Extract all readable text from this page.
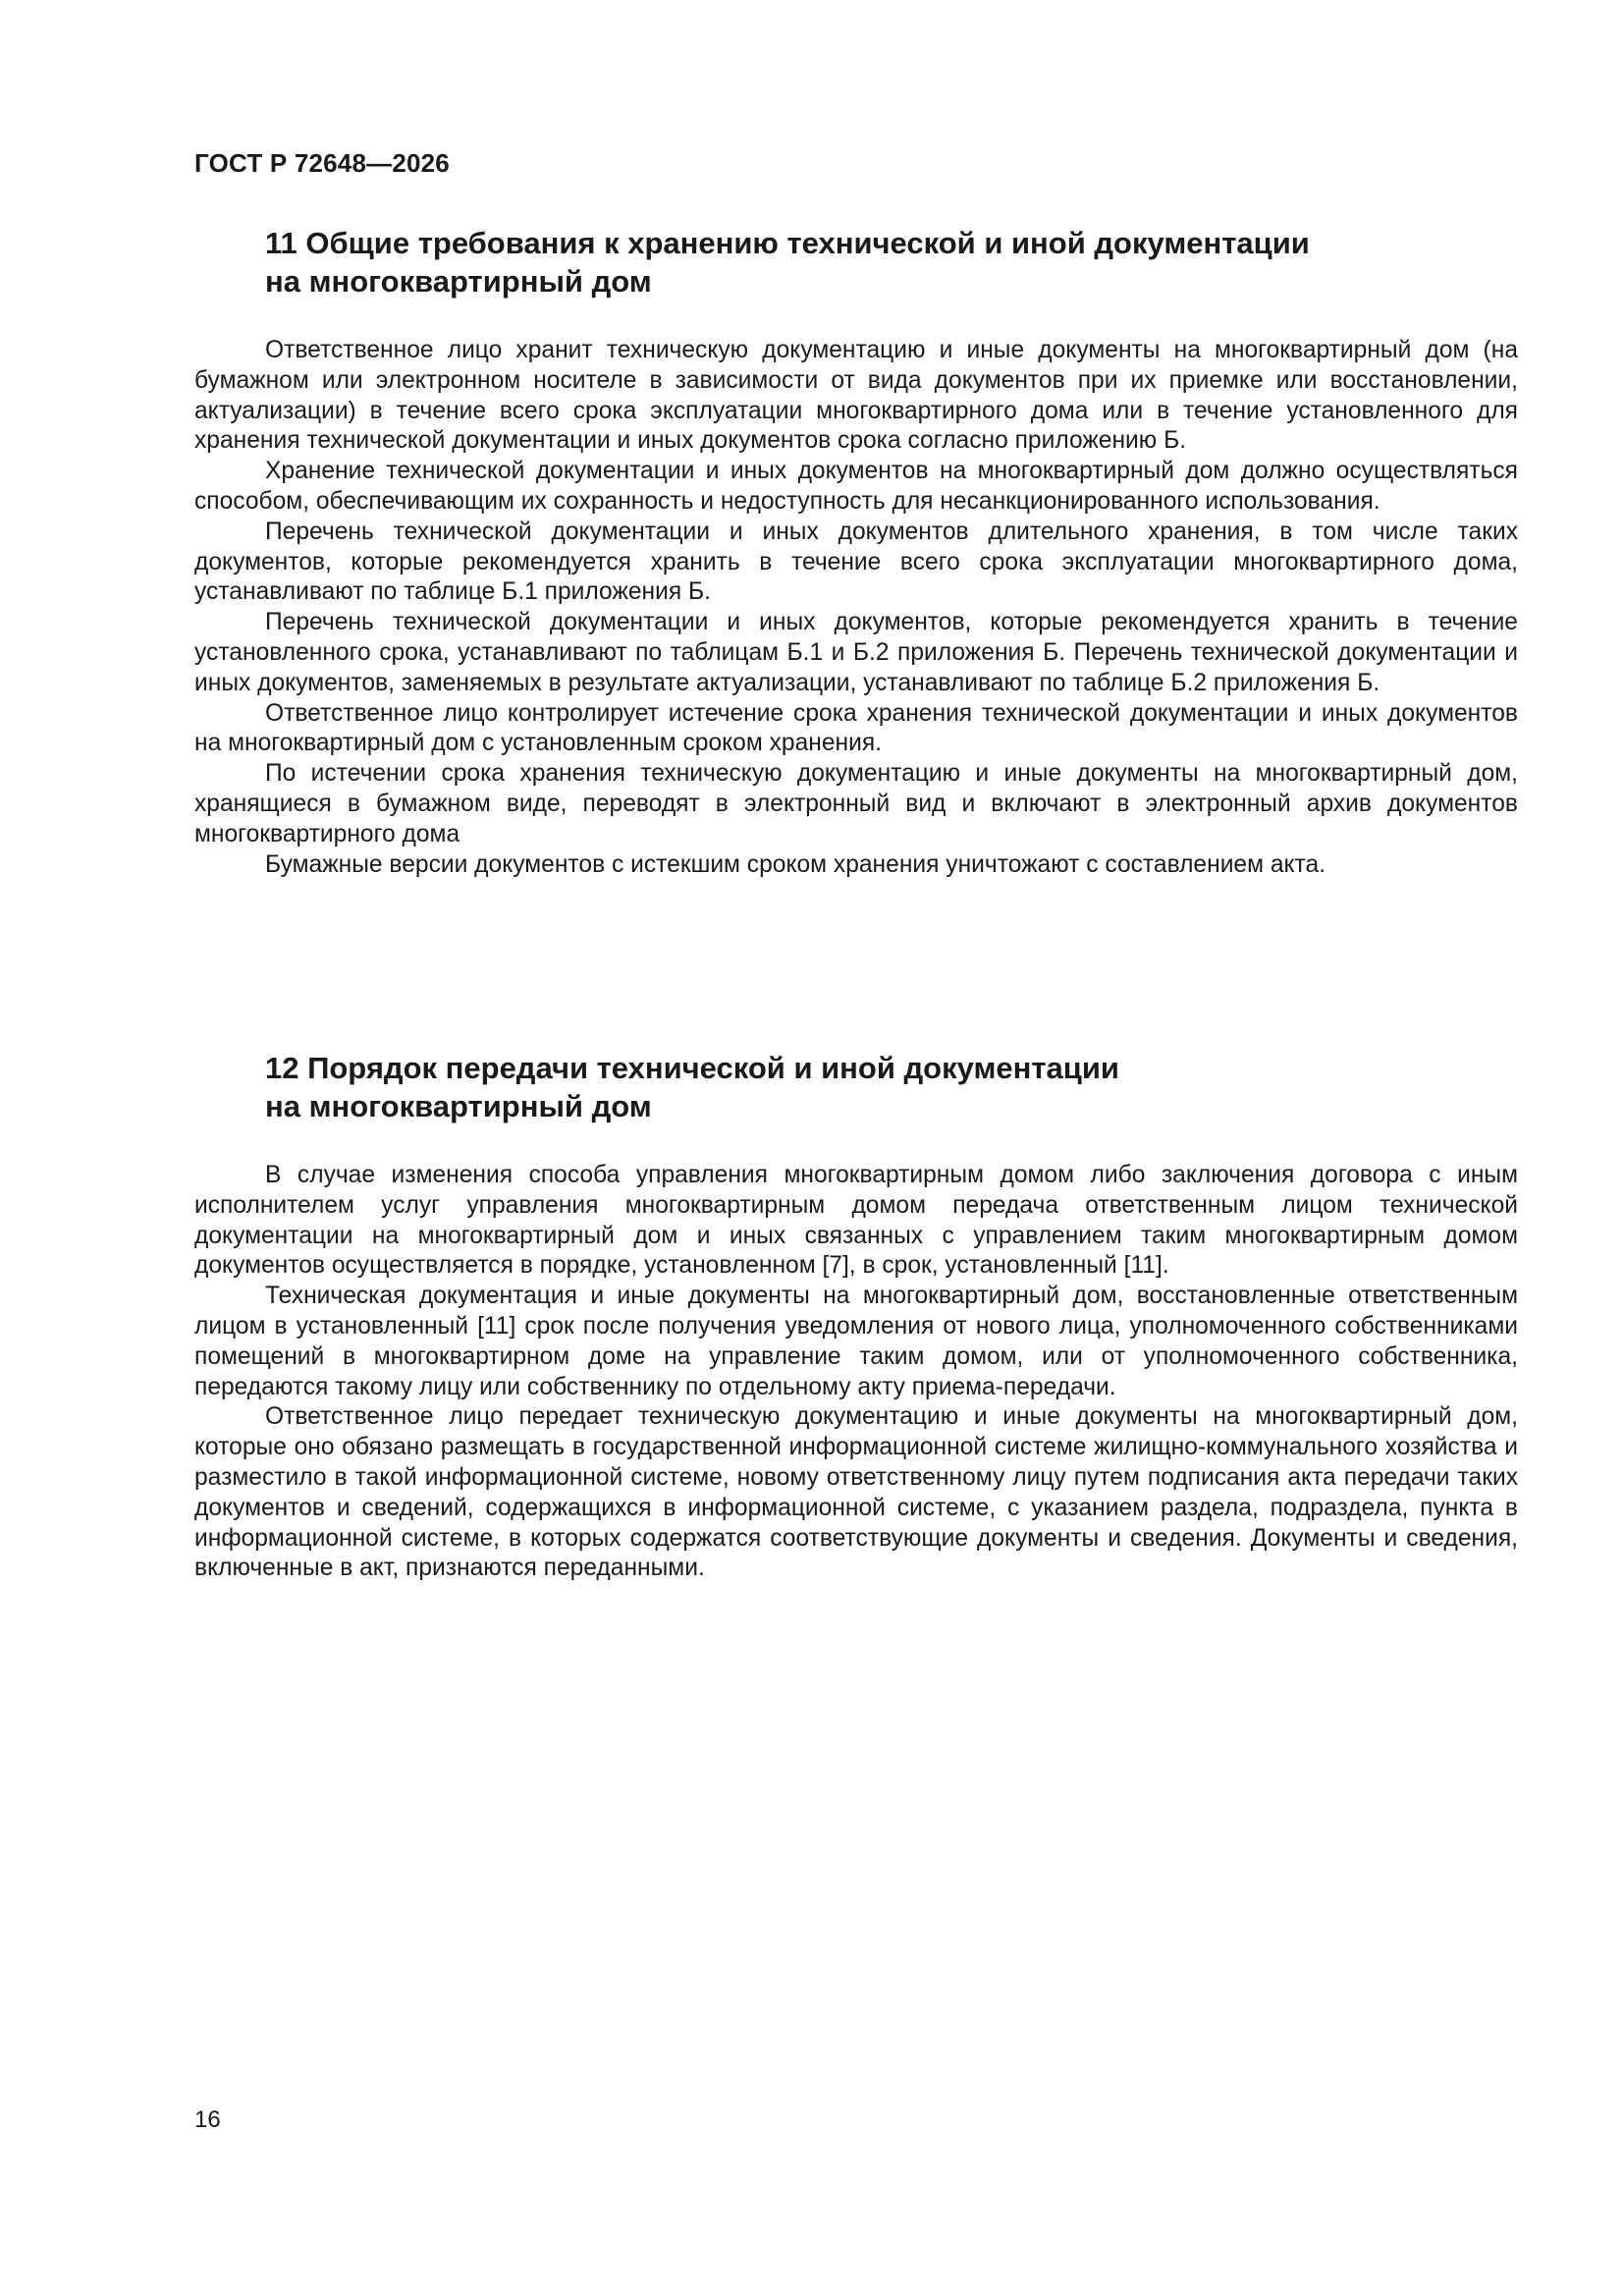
ГОСТ Р 72648—2026
11 Общие требования к хранению технической и иной документации
на многоквартирный дом

Ответственное лицо хранит техническую документацию и иные документы на многоквартирный дом (на бумажном или электронном носителе в зависимости от вида документов при их приемке или восстановлении, актуализации) в течение всего срока эксплуатации многоквартирного дома или в течение установленного для хранения технической документации и иных документов срока согласно приложению Б.

Хранение технической документации и иных документов на многоквартирный дом должно осуществляться способом, обеспечивающим их сохранность и недоступность для несанкционированного использования.

Перечень технической документации и иных документов длительного хранения, в том числе таких документов, которые рекомендуется хранить в течение всего срока эксплуатации многоквартирного дома, устанавливают по таблице Б.1 приложения Б.

Перечень технической документации и иных документов, которые рекомендуется хранить в течение установленного срока, устанавливают по таблицам Б.1 и Б.2 приложения Б. Перечень технической документации и иных документов, заменяемых в результате актуализации, устанавливают по таблице Б.2 приложения Б.

Ответственное лицо контролирует истечение срока хранения технической документации и иных документов на многоквартирный дом с установленным сроком хранения.

По истечении срока хранения техническую документацию и иные документы на многоквартирный дом, хранящиеся в бумажном виде, переводят в электронный вид и включают в электронный архив документов многоквартирного дома

Бумажные версии документов с истекшим сроком хранения уничтожают с составлением акта.

12 Порядок передачи технической и иной документации
на многоквартирный дом

В случае изменения способа управления многоквартирным домом либо заключения договора с иным исполнителем услуг управления многоквартирным домом передача ответственным лицом технической документации на многоквартирный дом и иных связанных с управлением таким многоквартирным домом документов осуществляется в порядке, установленном [7], в срок, установленный [11].

Техническая документация и иные документы на многоквартирный дом, восстановленные ответственным лицом в установленный [11] срок после получения уведомления от нового лица, уполномоченного собственниками помещений в многоквартирном доме на управление таким домом, или от уполномоченного собственника, передаются такому лицу или собственнику по отдельному акту приема-передачи.

Ответственное лицо передает техническую документацию и иные документы на многоквартирный дом, которые оно обязано размещать в государственной информационной системе жилищно-коммунального хозяйства и разместило в такой информационной системе, новому ответственному лицу путем подписания акта передачи таких документов и сведений, содержащихся в информационной системе, с указанием раздела, подраздела, пункта в информационной системе, в которых содержатся соответствующие документы и сведения. Документы и сведения, включенные в акт, признаются переданными.

16
